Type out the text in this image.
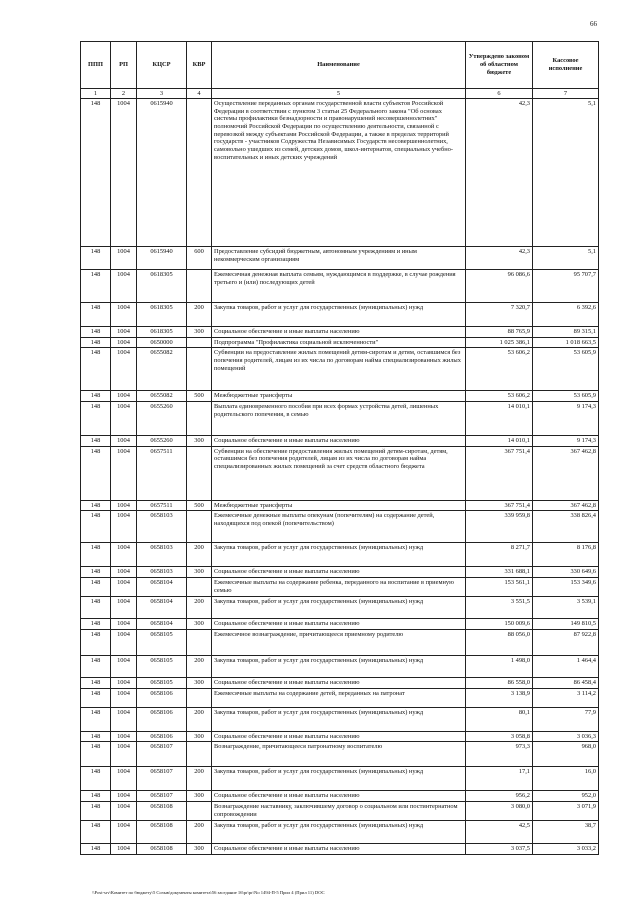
66
ППП	РП	КЦСР	КВР	Наименование	Утверждено законом об областном бюджете	Кассовое исполнение
1	2	3	4	5	6	7
148	1004	0615940		Осуществление переданных органам государственной власти субъектов Российской Федерации в соответствии с пунктом 3 статьи 25 Федерального закона "Об основах системы профилактики безнадзорности и правонарушений несовершеннолетних" полномочий Российской Федерации по осуществлению деятельности, связанной с перевозкой между субъектами Российской Федерации, а также в пределах территорий государств - участников Содружества Независимых Государств несовершеннолетних, самовольно ушедших из семей, детских домов, школ-интернатов, специальных учебно-воспитательных и иных детских учреждений	42,3	5,1
148	1004	0615940	600	Предоставление субсидий бюджетным, автономным учреждениям и иным некоммерческим организациям	42,3	5,1
148	1004	0618305		Ежемесячная денежная выплата семьям, нуждающимся в поддержке, в случае рождения третьего и (или) последующих детей	96 086,6	95 707,7
148	1004	0618305	200	Закупка товаров, работ и услуг для государственных (муниципальных) нужд	7 320,7	6 392,6
148	1004	0618305	300	Социальное обеспечение и иные выплаты населению	88 765,9	89 315,1
148	1004	0650000		Подпрограмма "Профилактика социальной исключенности"	1 025 386,1	1 018 663,5
148	1004	0655082		Субвенции на предоставление жилых помещений детям-сиротам и детям, оставшимся без попечения родителей, лицам из их числа по договорам найма специализированных жилых помещений	53 606,2	53 605,9
148	1004	0655082	500	Межбюджетные трансферты	53 606,2	53 605,9
148	1004	0655260		Выплата единовременного пособия при всех формах устройства детей, лишенных родительского попечения, в семью	14 010,1	9 174,3
148	1004	0655260	300	Социальное обеспечение и иные выплаты населению	14 010,1	9 174,3
148	1004	0657511		Субвенции на обеспечение предоставления жилых помещений детям-сиротам, детям, оставшимся без попечения родителей, лицам из их числа по договорам найма специализированных жилых помещений за счет средств областного бюджета	367 751,4	367 462,8
148	1004	0657511	500	Межбюджетные трансферты	367 751,4	367 462,8
148	1004	0658103		Ежемесячные денежные выплаты опекунам (попечителям) на содержание детей, находящихся под опекой (попечительством)	339 959,8	338 826,4
148	1004	0658103	200	Закупка товаров, работ и услуг для государственных (муниципальных) нужд	8 271,7	8 176,8
148	1004	0658103	300	Социальное обеспечение и иные выплаты населению	331 688,1	330 649,6
148	1004	0658104		Ежемесячные выплаты на содержание ребенка, переданного на воспитание в приемную семью	153 561,1	153 349,6
148	1004	0658104	200	Закупка товаров, работ и услуг для государственных (муниципальных) нужд	3 551,5	3 539,1
148	1004	0658104	300	Социальное обеспечение и иные выплаты населению	150 009,6	149 810,5
148	1004	0658105		Ежемесячное вознаграждение, причитающееся приемному родителю	88 056,0	87 922,8
148	1004	0658105	200	Закупка товаров, работ и услуг для государственных (муниципальных) нужд	1 498,0	1 464,4
148	1004	0658105	300	Социальное обеспечение и иные выплаты населению	86 558,0	86 458,4
148	1004	0658106		Ежемесячные выплаты на содержание детей, переданных на патронат	3 138,9	3 114,2
148	1004	0658106	200	Закупка товаров, работ и услуг для государственных (муниципальных) нужд	80,1	77,9
148	1004	0658106	300	Социальное обеспечение и иные выплаты населению	3 058,8	3 036,3
148	1004	0658107		Вознаграждение, причитающееся патронатному воспитателю	973,3	968,0
148	1004	0658107	200	Закупка товаров, работ и услуг для государственных (муниципальных) нужд	17,1	16,0
148	1004	0658107	300	Социальное обеспечение и иные выплаты населению	956,2	952,0
148	1004	0658108		Вознаграждение наставнику, заключившему договор о социальном или постинтернатном сопровождении	3 080,0	3 071,9
148	1004	0658108	200	Закупка товаров, работ и услуг для государственных (муниципальных) нужд	42,5	38,7
148	1004	0658108	300	Социальное обеспечение и иные выплаты населению	3 037,5	3 033,2
\\Post-srv\Комитет по бюджету\5 Созыв\документы комитета\56 заседание 16\pr\pr\No 1494-П-5 Прил 4 (Прил 11) DOC
